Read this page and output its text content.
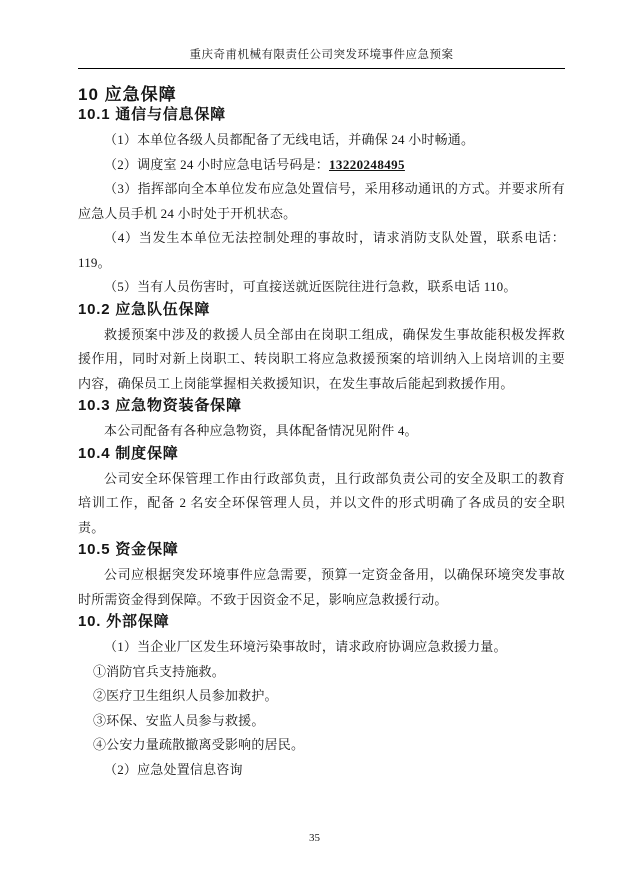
重庆奇甫机械有限责任公司突发环境事件应急预案
10 应急保障
10.1 通信与信息保障

（1）本单位各级人员都配备了无线电话，并确保 24 小时畅通。

（2）调度室 24 小时应急电话号码是：13220248495

（3）指挥部向全本单位发布应急处置信号，采用移动通讯的方式。并要求所有应急人员手机 24 小时处于开机状态。

（4）当发生本单位无法控制处理的事故时，请求消防支队处置，联系电话：119。

（5）当有人员伤害时，可直接送就近医院往进行急救，联系电话 110。

10.2 应急队伍保障

救援预案中涉及的救援人员全部由在岗职工组成，确保发生事故能积极发挥救援作用，同时对新上岗职工、转岗职工将应急救援预案的培训纳入上岗培训的主要内容，确保员工上岗能掌握相关救援知识，在发生事故后能起到救援作用。

10.3 应急物资装备保障

本公司配备有各种应急物资，具体配备情况见附件 4。

10.4 制度保障

公司安全环保管理工作由行政部负责，且行政部负责公司的安全及职工的教育培训工作，配备 2 名安全环保管理人员，并以文件的形式明确了各成员的安全职责。

10.5 资金保障

公司应根据突发环境事件应急需要，预算一定资金备用，以确保环境突发事故时所需资金得到保障。不致于因资金不足，影响应急救援行动。

10. 外部保障

（1）当企业厂区发生环境污染事故时，请求政府协调应急救援力量。

①消防官兵支持施救。

②医疗卫生组织人员参加救护。

③环保、安监人员参与救援。

④公安力量疏散撤离受影响的居民。

（2）应急处置信息咨询

35
